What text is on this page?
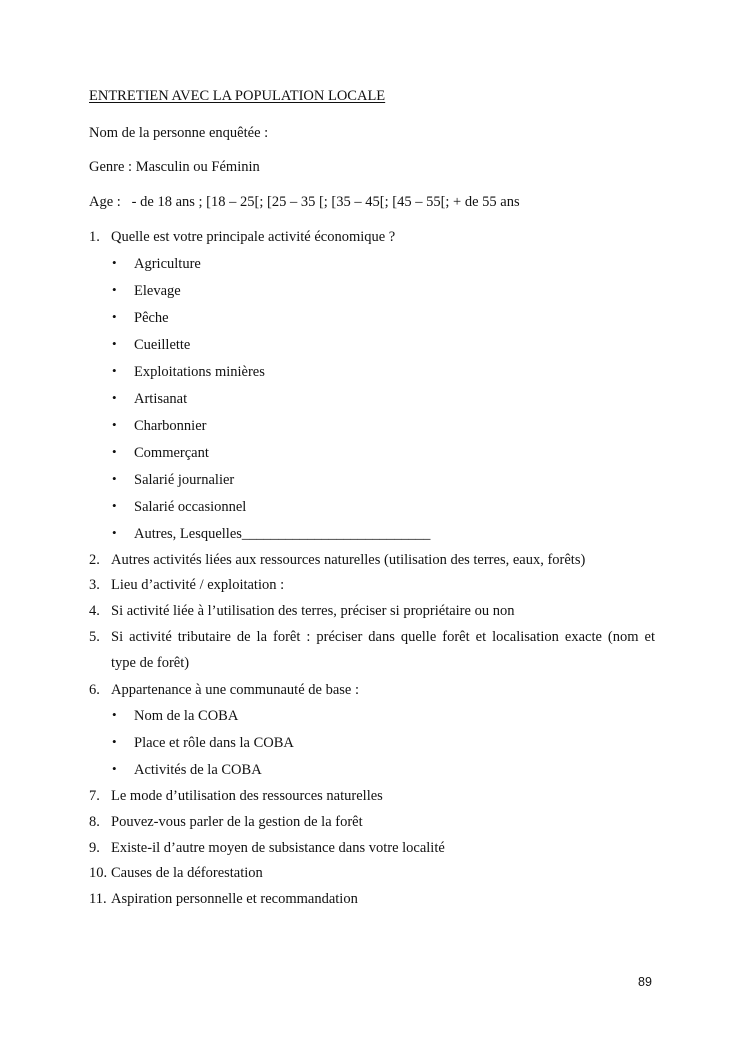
ENTRETIEN AVEC LA POPULATION LOCALE
Nom de la personne enquêtée :
Genre : Masculin ou Féminin
Age :   - de 18 ans ; [18 – 25[; [25 – 35 [; [35 – 45[; [45 – 55[; + de 55 ans
1. Quelle est votre principale activité économique ?
• Agriculture
• Elevage
• Pêche
• Cueillette
• Exploitations minières
• Artisanat
• Charbonnier
• Commerçant
• Salarié journalier
• Salarié occasionnel
• Autres, Lesquelles__________________________
2. Autres activités liées aux ressources naturelles (utilisation des terres, eaux, forêts)
3. Lieu d’activité / exploitation :
4. Si activité liée à l’utilisation des terres, préciser si propriétaire ou non
5. Si activité tributaire de la forêt : préciser dans quelle forêt et localisation exacte (nom et
type de forêt)
6. Appartenance à une communauté de base :
• Nom de la COBA
• Place et rôle dans la COBA
• Activités de la COBA
7. Le mode d’utilisation des ressources naturelles
8. Pouvez-vous parler de la gestion de la forêt
9. Existe-il d’autre moyen de subsistance dans votre localité
10. Causes de la déforestation
11. Aspiration personnelle et recommandation
89
